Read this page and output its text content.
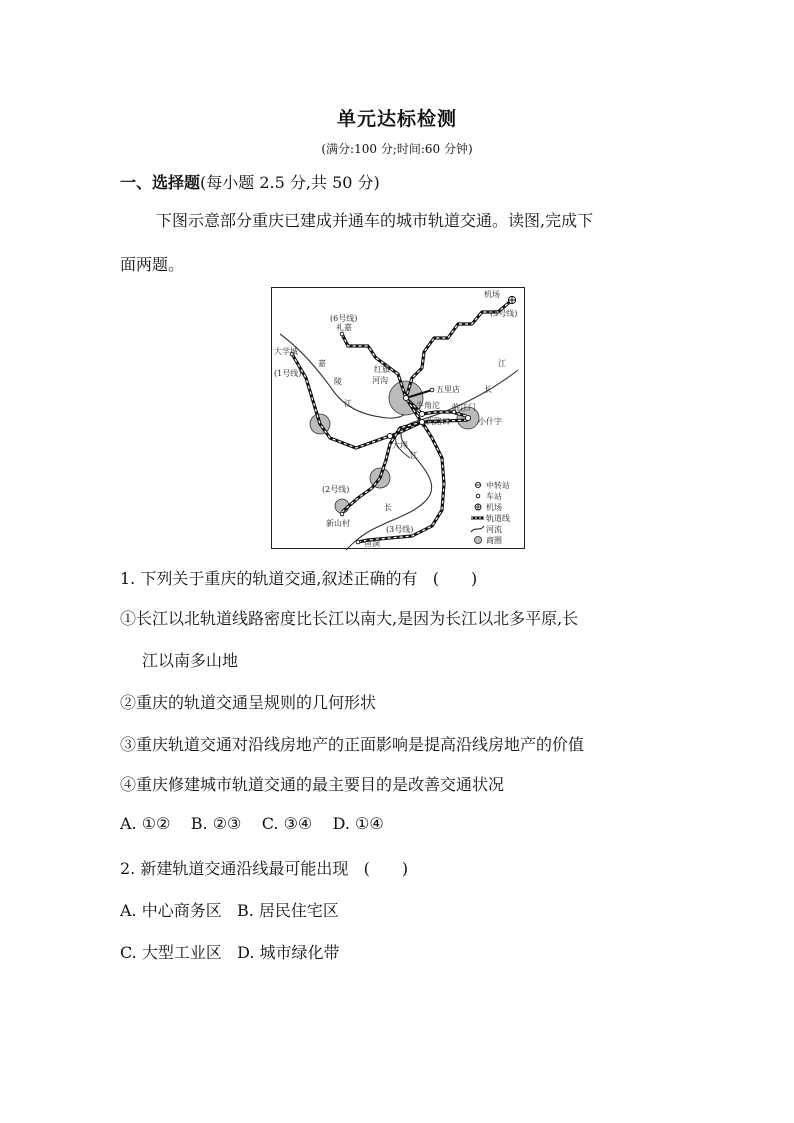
单元达标检测
(满分:100 分;时间:60 分钟)
一、选择题(每小题 2.5 分,共 50 分)
下图示意部分重庆已建成并通车的城市轨道交通。读图,完成下
面两题。
机场
(3号线)
(6号线)
礼嘉
大学城
(1号线)
嘉
陵
江
红旗
河沟
五里店	长
江
牛角沱 临江门
两路口	小什字
大坪
江
(2号线)
新山村
长
(3号线)
鱼洞
中转站
车站
机场
轨道线
河流
商圈
1. 下列关于重庆的轨道交通,叙述正确的有 (　　)
①长江以北轨道线路密度比长江以南大,是因为长江以北多平原,长
江以南多山地
②重庆的轨道交通呈规则的几何形状
③重庆轨道交通对沿线房地产的正面影响是提高沿线房地产的价值
④重庆修建城市轨道交通的最主要目的是改善交通状况
A. ①② B. ②③ C. ③④ D. ①④
2. 新建轨道交通沿线最可能出现 (　　)
A. 中心商务区 B. 居民住宅区
C. 大型工业区 D. 城市绿化带
